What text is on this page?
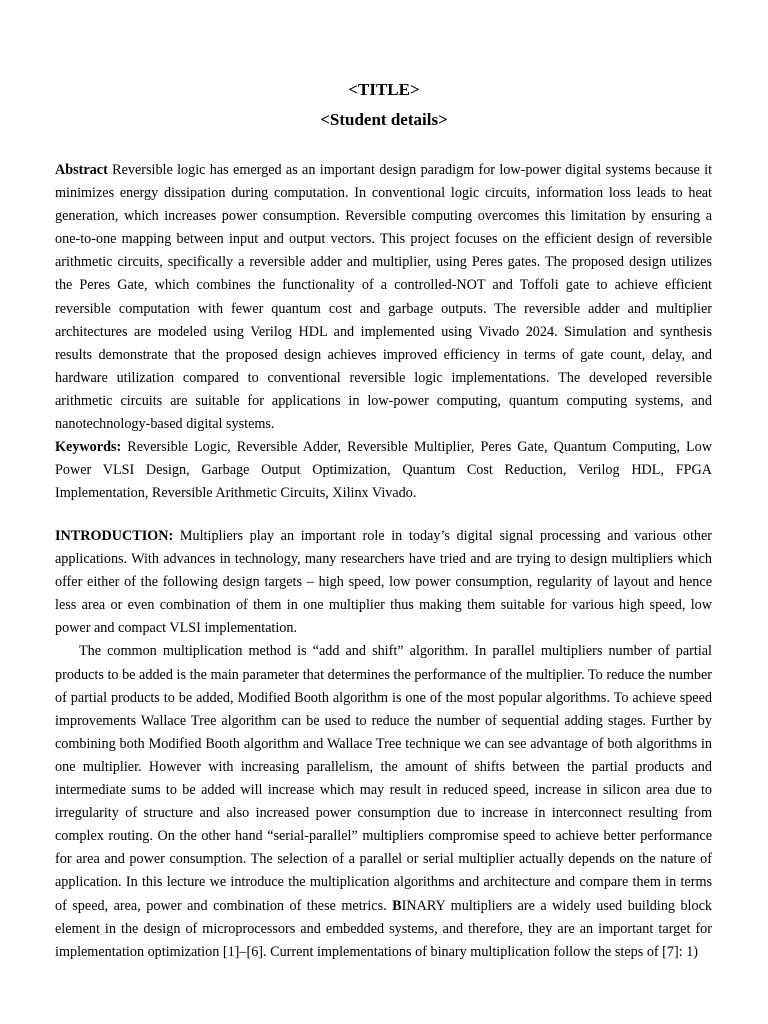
<TITLE>
<Student details>

Abstract Reversible logic has emerged as an important design paradigm for low-power digital systems because it minimizes energy dissipation during computation. In conventional logic circuits, information loss leads to heat generation, which increases power consumption. Reversible computing overcomes this limitation by ensuring a one-to-one mapping between input and output vectors. This project focuses on the efficient design of reversible arithmetic circuits, specifically a reversible adder and multiplier, using Peres gates. The proposed design utilizes the Peres Gate, which combines the functionality of a controlled-NOT and Toffoli gate to achieve efficient reversible computation with fewer quantum cost and garbage outputs. The reversible adder and multiplier architectures are modeled using Verilog HDL and implemented using Vivado 2024. Simulation and synthesis results demonstrate that the proposed design achieves improved efficiency in terms of gate count, delay, and hardware utilization compared to conventional reversible logic implementations. The developed reversible arithmetic circuits are suitable for applications in low-power computing, quantum computing systems, and nanotechnology-based digital systems.

Keywords: Reversible Logic, Reversible Adder, Reversible Multiplier, Peres Gate, Quantum Computing, Low Power VLSI Design, Garbage Output Optimization, Quantum Cost Reduction, Verilog HDL, FPGA Implementation, Reversible Arithmetic Circuits, Xilinx Vivado.

INTRODUCTION: Multipliers play an important role in today’s digital signal processing and various other applications. With advances in technology, many researchers have tried and are trying to design multipliers which offer either of the following design targets – high speed, low power consumption, regularity of layout and hence less area or even combination of them in one multiplier thus making them suitable for various high speed, low power and compact VLSI implementation.

The common multiplication method is “add and shift” algorithm. In parallel multipliers number of partial products to be added is the main parameter that determines the performance of the multiplier. To reduce the number of partial products to be added, Modified Booth algorithm is one of the most popular algorithms. To achieve speed improvements Wallace Tree algorithm can be used to reduce the number of sequential adding stages. Further by combining both Modified Booth algorithm and Wallace Tree technique we can see advantage of both algorithms in one multiplier. However with increasing parallelism, the amount of shifts between the partial products and intermediate sums to be added will increase which may result in reduced speed, increase in silicon area due to irregularity of structure and also increased power consumption due to increase in interconnect resulting from complex routing. On the other hand “serial-parallel” multipliers compromise speed to achieve better performance for area and power consumption. The selection of a parallel or serial multiplier actually depends on the nature of application. In this lecture we introduce the multiplication algorithms and architecture and compare them in terms of speed, area, power and combination of these metrics. BINARY multipliers are a widely used building block element in the design of microprocessors and embedded systems, and therefore, they are an important target for implementation optimization [1]–[6]. Current implementations of binary multiplication follow the steps of [7]: 1)
